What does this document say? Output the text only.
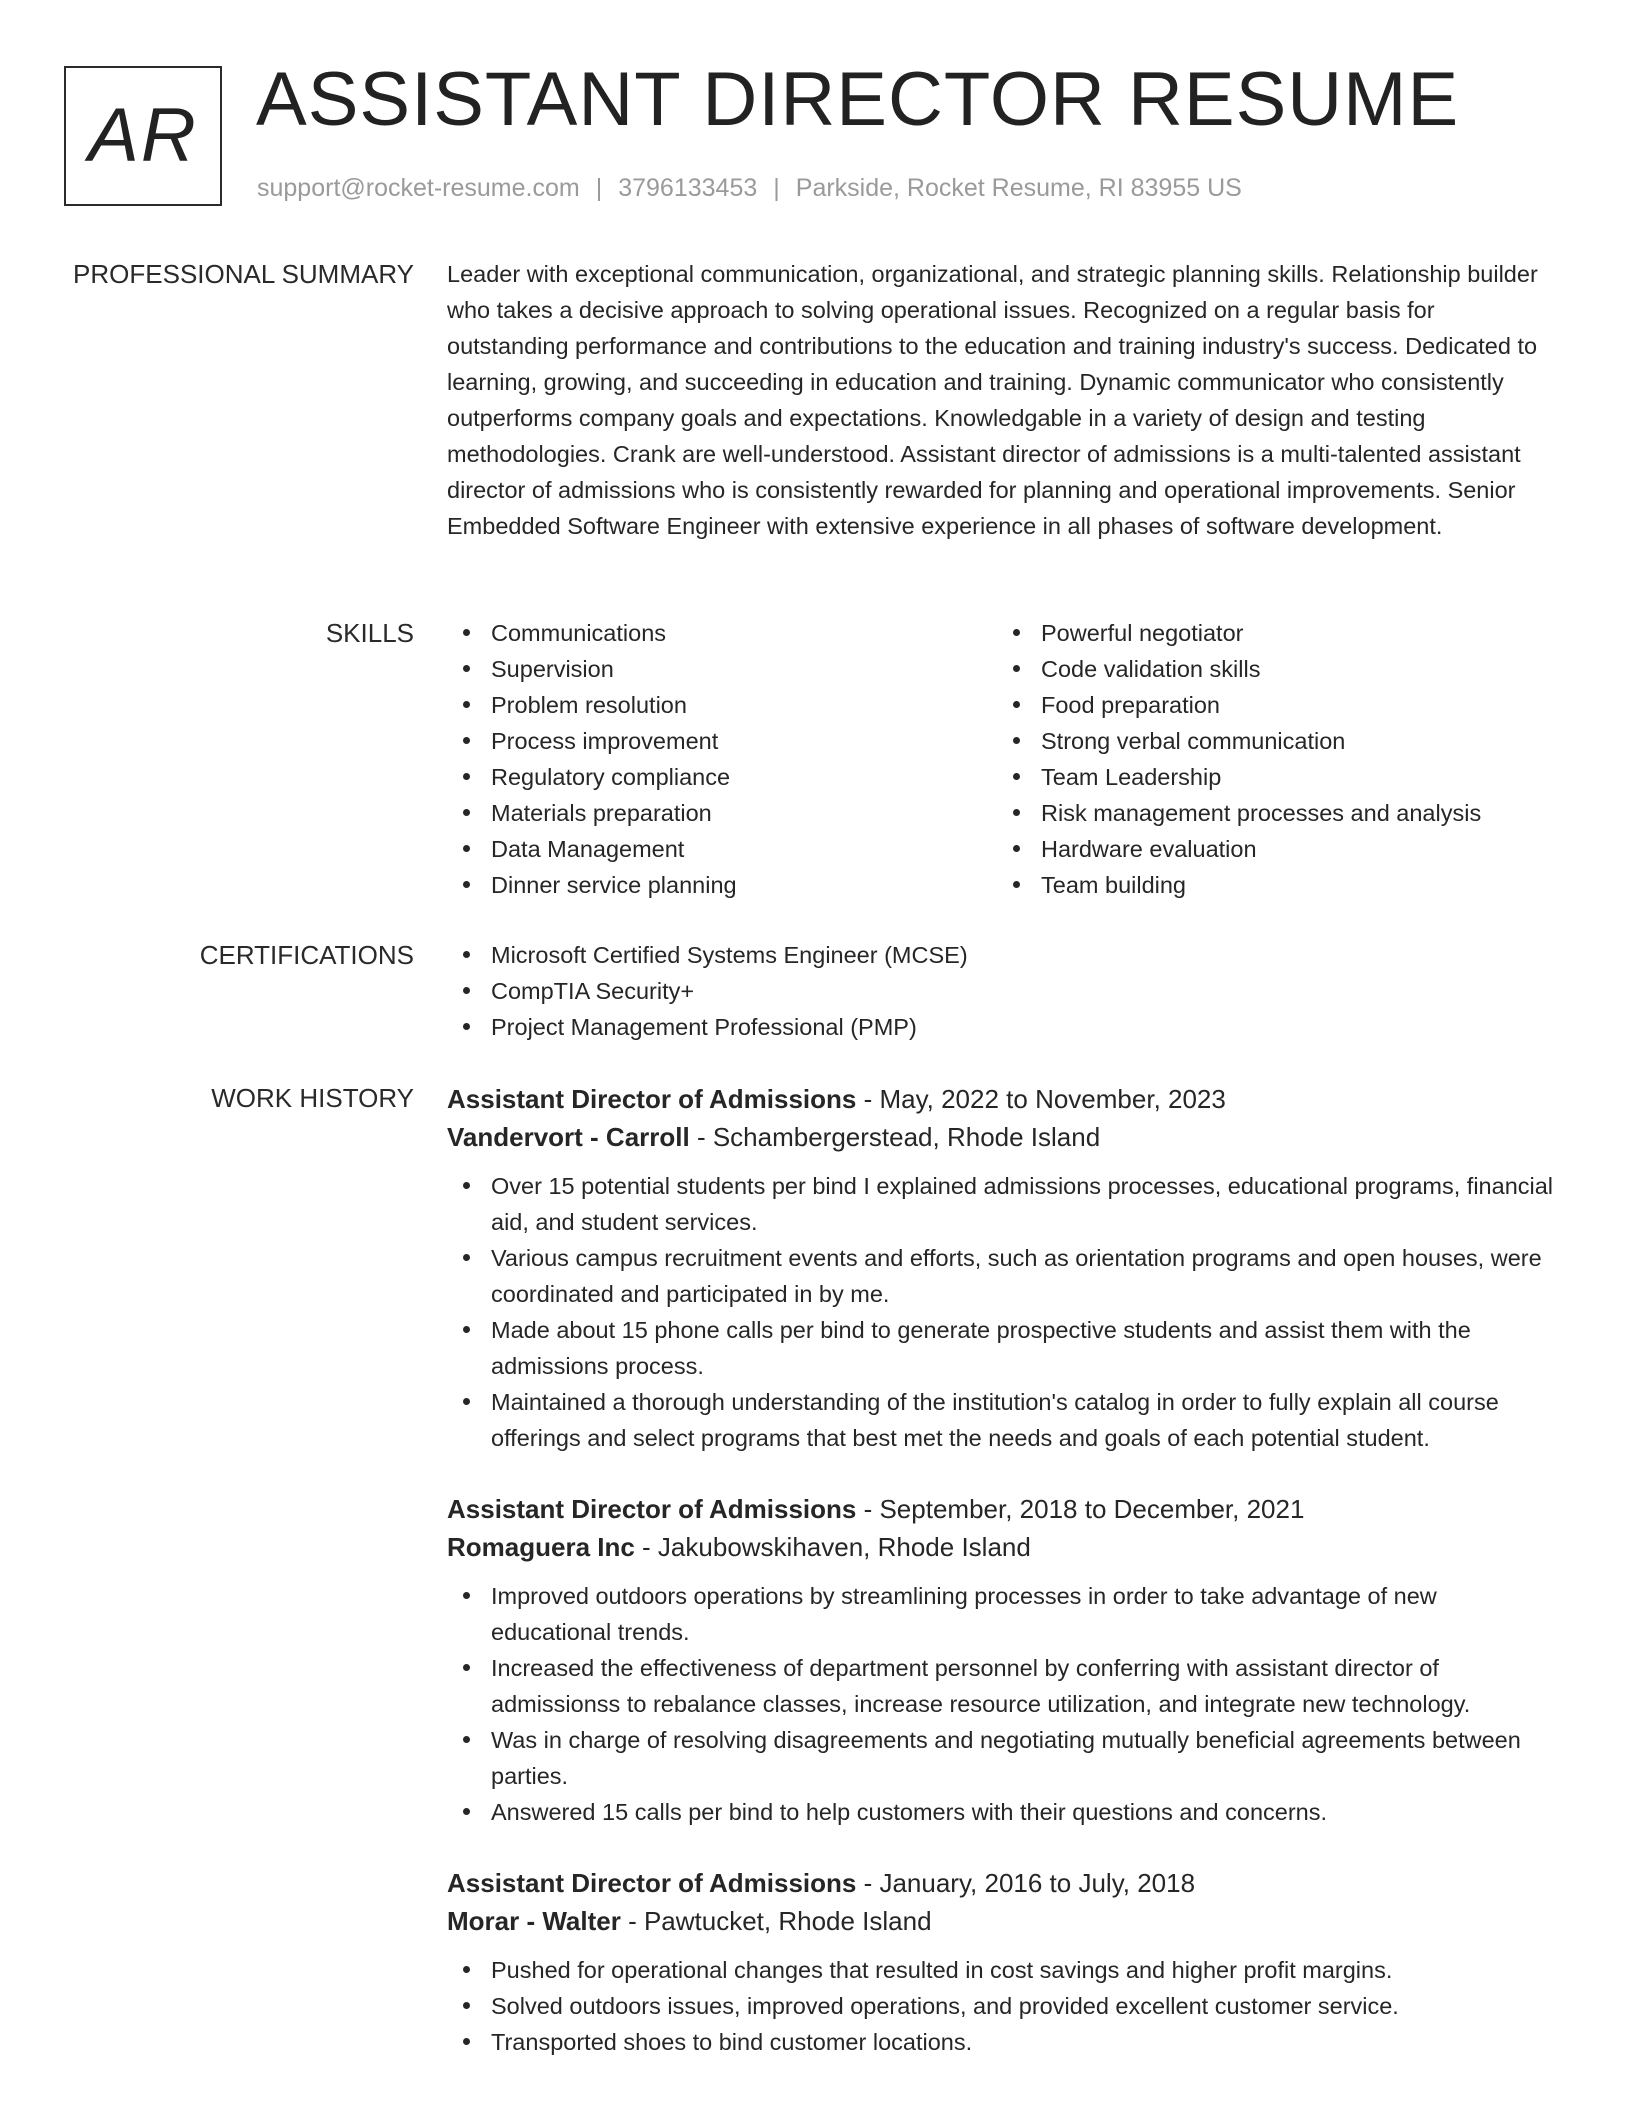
AR ASSISTANT DIRECTOR RESUME
support@rocket-resume.com | 3796133453 | Parkside, Rocket Resume, RI 83955 US
PROFESSIONAL SUMMARY Leader with exceptional communication, organizational, and strategic planning skills. Relationship builder who takes a decisive approach to solving operational issues. Recognized on a regular basis for outstanding performance and contributions to the education and training industry's success. Dedicated to learning, growing, and succeeding in education and training. Dynamic communicator who consistently outperforms company goals and expectations. Knowledgable in a variety of design and testing methodologies. Crank are well-understood. Assistant director of admissions is a multi-talented assistant director of admissions who is consistently rewarded for planning and operational improvements. Senior Embedded Software Engineer with extensive experience in all phases of software development.

SKILLS	Communications
Supervision
Problem resolution
Process improvement
Regulatory compliance
Materials preparation
Data Management
Dinner service planning
Powerful negotiator
Code validation skills
Food preparation
Strong verbal communication
Team Leadership
Risk management processes and analysis
Hardware evaluation
Team building
CERTIFICATIONS	Microsoft Certified Systems Engineer (MCSE)
CompTIA Security+
Project Management Professional (PMP)
WORK HISTORY Assistant Director of Admissions - May, 2022 to November, 2023
Vandervort - Carroll - Schambergerstead, Rhode Island
Over 15 potential students per bind I explained admissions processes, educational programs, financial aid, and student services.
Various campus recruitment events and efforts, such as orientation programs and open houses, were coordinated and participated in by me.
Made about 15 phone calls per bind to generate prospective students and assist them with the admissions process.
Maintained a thorough understanding of the institution's catalog in order to fully explain all course offerings and select programs that best met the needs and goals of each potential student.
Assistant Director of Admissions - September, 2018 to December, 2021
Romaguera Inc - Jakubowskihaven, Rhode Island
Improved outdoors operations by streamlining processes in order to take advantage of new educational trends.
Increased the effectiveness of department personnel by conferring with assistant director of admissionss to rebalance classes, increase resource utilization, and integrate new technology.
Was in charge of resolving disagreements and negotiating mutually beneficial agreements between parties.
Answered 15 calls per bind to help customers with their questions and concerns.
Assistant Director of Admissions - January, 2016 to July, 2018
Morar - Walter - Pawtucket, Rhode Island
Pushed for operational changes that resulted in cost savings and higher profit margins.
Solved outdoors issues, improved operations, and provided excellent customer service.
Transported shoes to bind customer locations.
